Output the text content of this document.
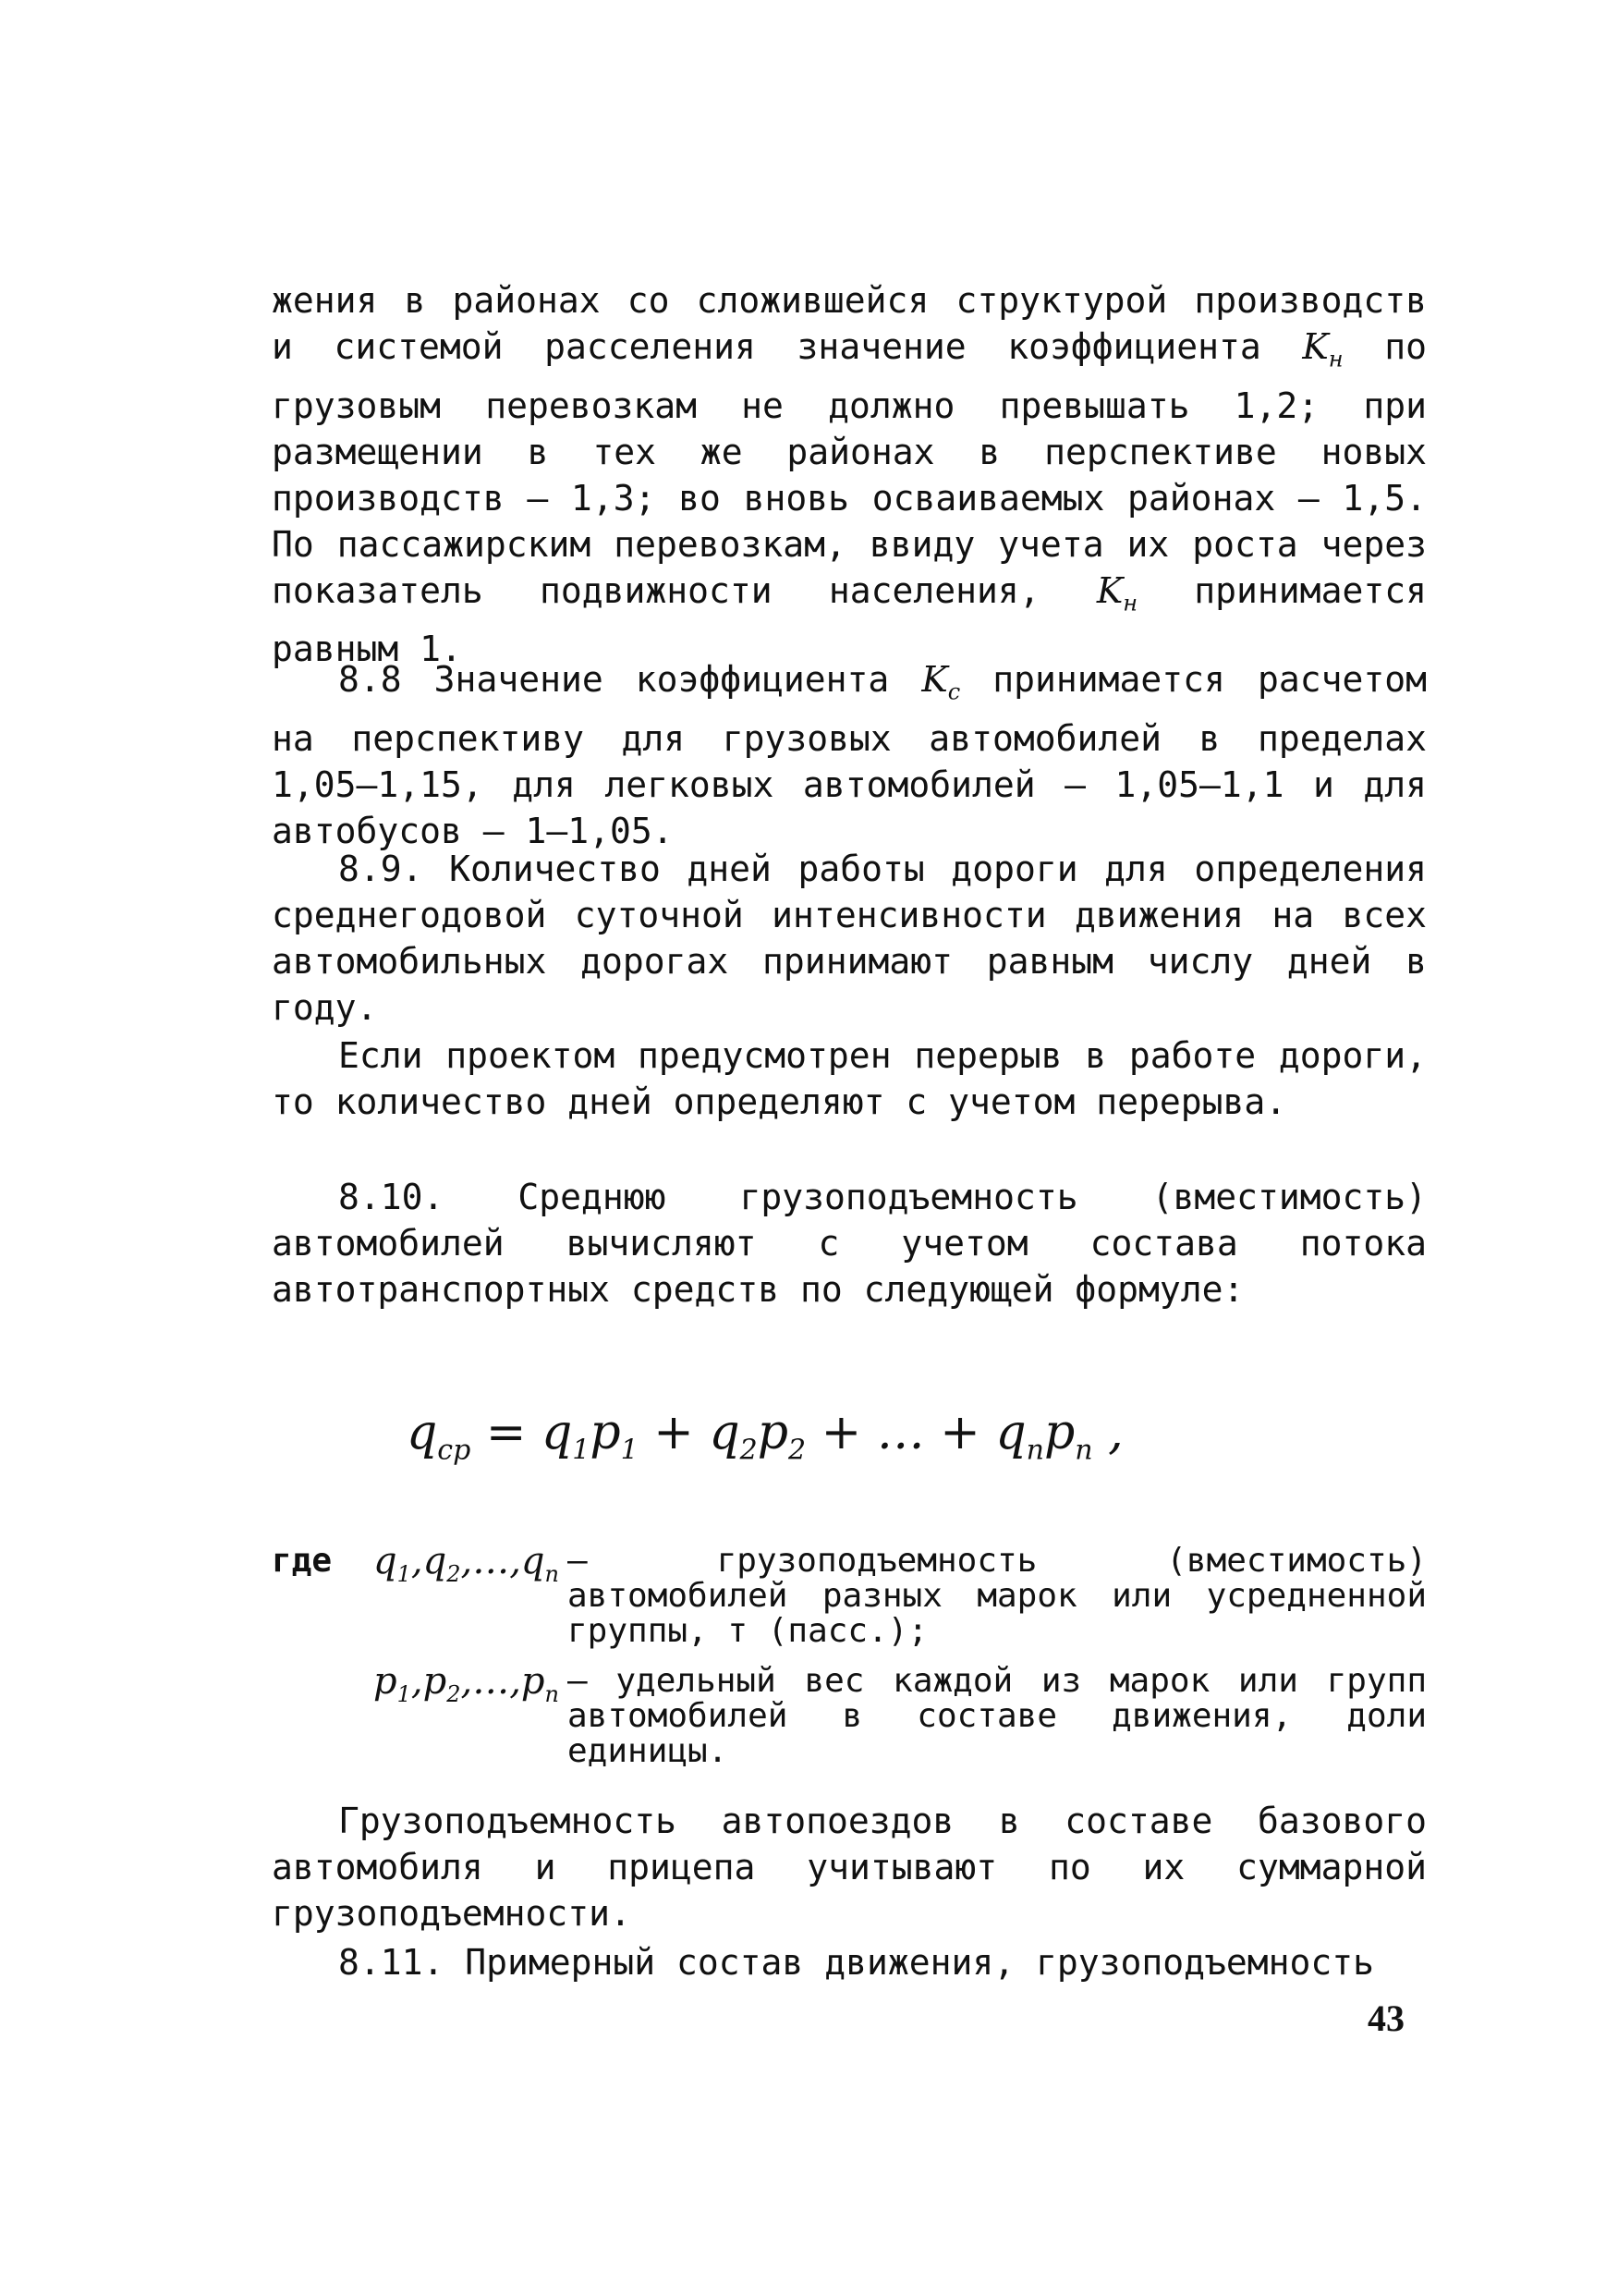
жения в районах со сложившейся структурой производств и системой расселения значение коэффициента $K_н$ по грузовым перевозкам не должно превышать 1,2; при размещении в тех же районах в перспективе новых производств – 1,3; во вновь осваиваемых районах – 1,5. По пассажирским перевозкам, ввиду учета их роста через показатель подвижности населения, $K_н$ принимается равным 1.

8.8 Значение коэффициента $K_с$ принимается расчетом на перспективу для грузовых автомобилей в пределах 1,05–1,15, для легковых автомобилей – 1,05–1,1 и для автобусов – 1–1,05.

8.9. Количество дней работы дороги для определения среднегодовой суточной интенсивности движения на всех автомобильных дорогах принимают равным числу дней в году.

Если проектом предусмотрен перерыв в работе дороги, то количество дней определяют с учетом перерыва.

8.10. Среднюю грузоподъемность (вместимость) автомобилей вычисляют с учетом состава потока автотранспортных средств по следующей формуле:

$q_{ср} = q_1p_1 + q_2p_2$ + … + $q_np_n$ ,
где $q_1,q_2,\dots,q_n$ –	грузоподъемность (вместимость) автомобилей разных марок или усредненной группы, т (пасс.);
$p_1,p_2,\dots,p_n$ – удельный вес каждой из марок или групп автомобилей в составе движения, доли единицы.

Грузоподъемность автопоездов в составе базового автомобиля и прицепа учитывают по их суммарной грузоподъемности.

8.11. Примерный состав движения, грузоподъемность

43
